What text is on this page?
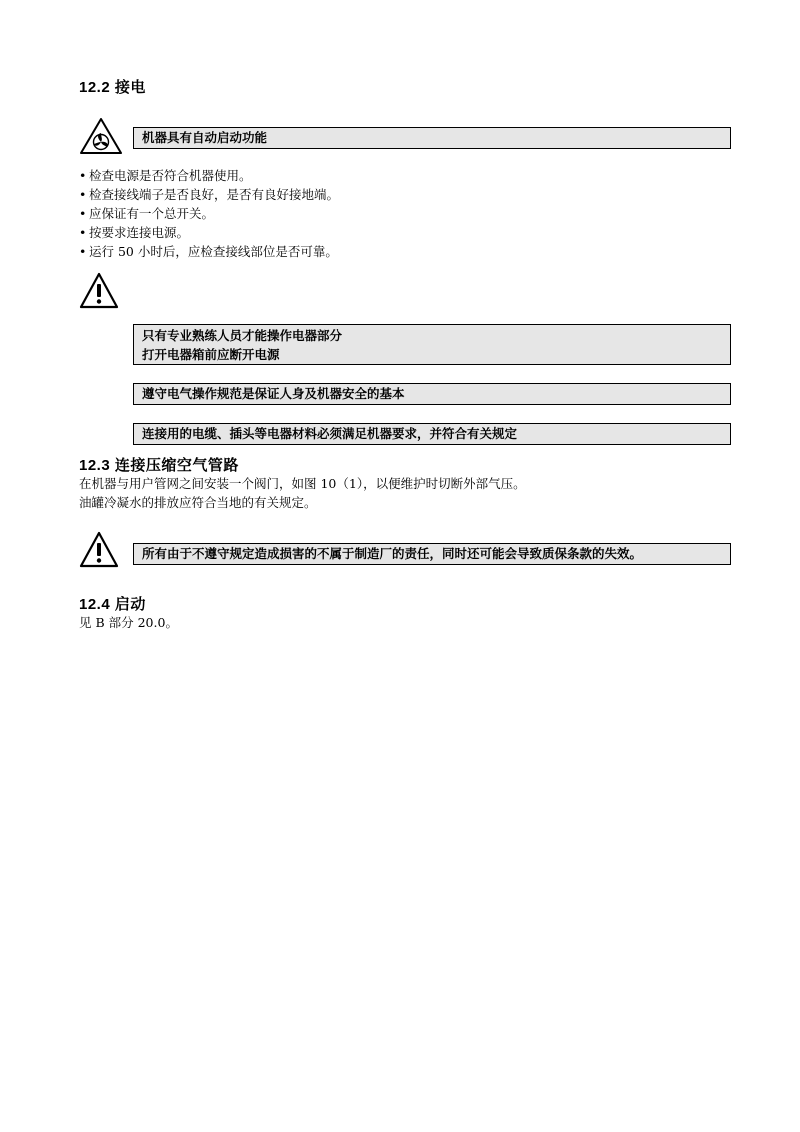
12.2 接电
机器具有自动启动功能
• 检查电源是否符合机器使用。
• 检查接线端子是否良好，是否有良好接地端。
• 应保证有一个总开关。
• 按要求连接电源。
• 运行 50 小时后，应检查接线部位是否可靠。
只有专业熟练人员才能操作电器部分
打开电器箱前应断开电源
遵守电气操作规范是保证人身及机器安全的基本
连接用的电缆、插头等电器材料必须满足机器要求，并符合有关规定
12.3 连接压缩空气管路
在机器与用户管网之间安装一个阀门，如图 10（1），以便维护时切断外部气压。
油罐冷凝水的排放应符合当地的有关规定。
所有由于不遵守规定造成损害的不属于制造厂的责任，同时还可能会导致质保条款的失效。
12.4 启动
见 B 部分 20.0。
